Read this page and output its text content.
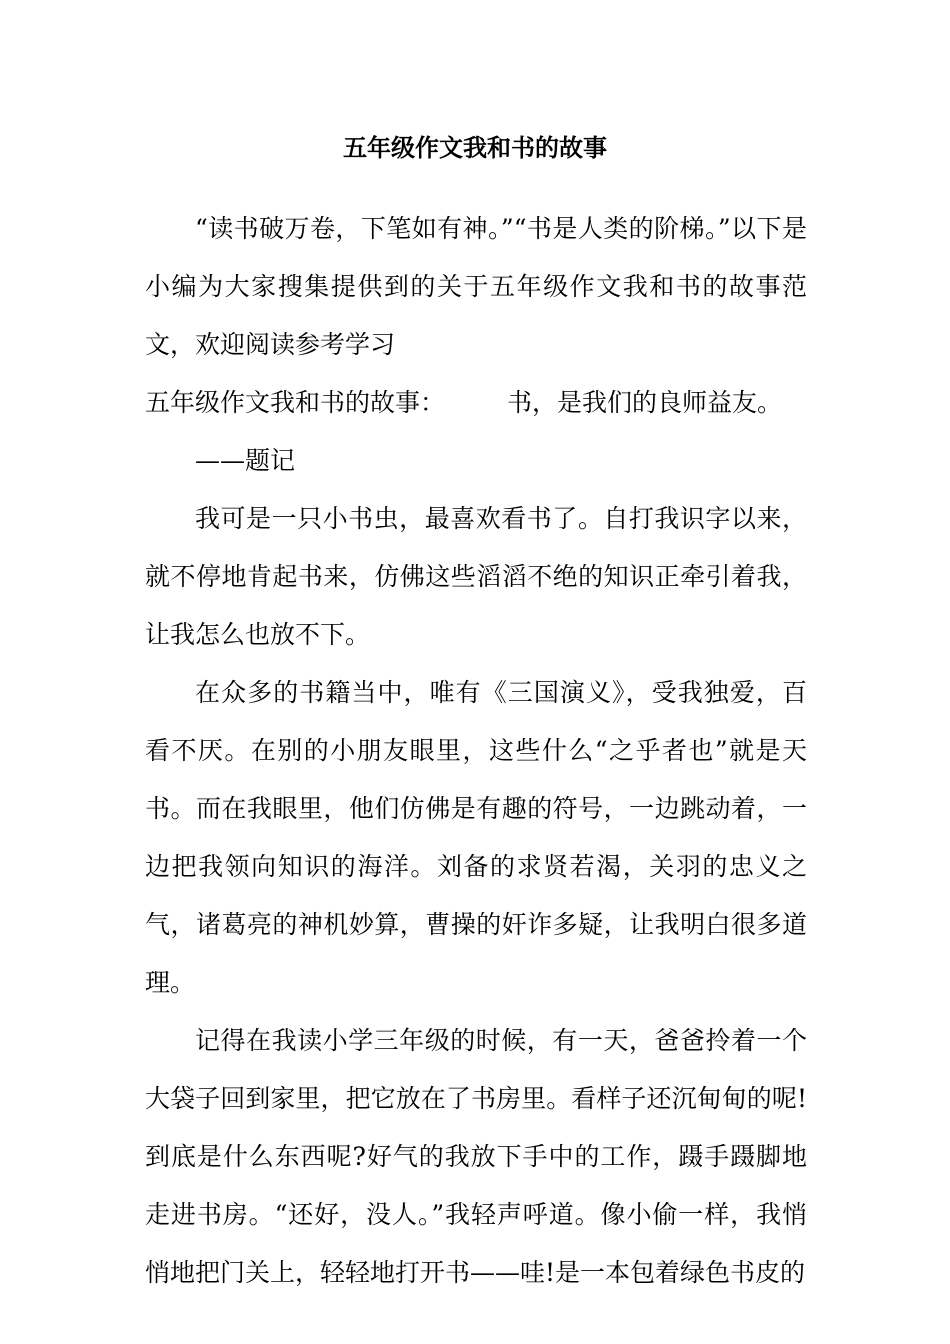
五年级作文我和书的故事

“读书破万卷，下笔如有神。”“书是人类的阶梯。”以下是小编为大家搜集提供到的关于五年级作文我和书的故事范文，欢迎阅读参考学习

五年级作文我和书的故事： 书，是我们的良师益友。

——题记

我可是一只小书虫，最喜欢看书了。自打我识字以来，就不停地肯起书来，仿佛这些滔滔不绝的知识正牵引着我，让我怎么也放不下。

在众多的书籍当中，唯有《三国演义》，受我独爱，百看不厌。在别的小朋友眼里，这些什么“之乎者也”就是天书。而在我眼里，他们仿佛是有趣的符号，一边跳动着，一边把我领向知识的海洋。刘备的求贤若渴，关羽的忠义之气，诸葛亮的神机妙算，曹操的奸诈多疑，让我明白很多道理。

记得在我读小学三年级的时候，有一天，爸爸拎着一个大袋子回到家里，把它放在了书房里。看样子还沉甸甸的呢!到底是什么东西呢?好气的我放下手中的工作，蹑手蹑脚地走进书房。“还好，没人。”我轻声呼道。像小偷一样，我悄悄地把门关上，轻轻地打开书——哇!是一本包着绿色书皮的
